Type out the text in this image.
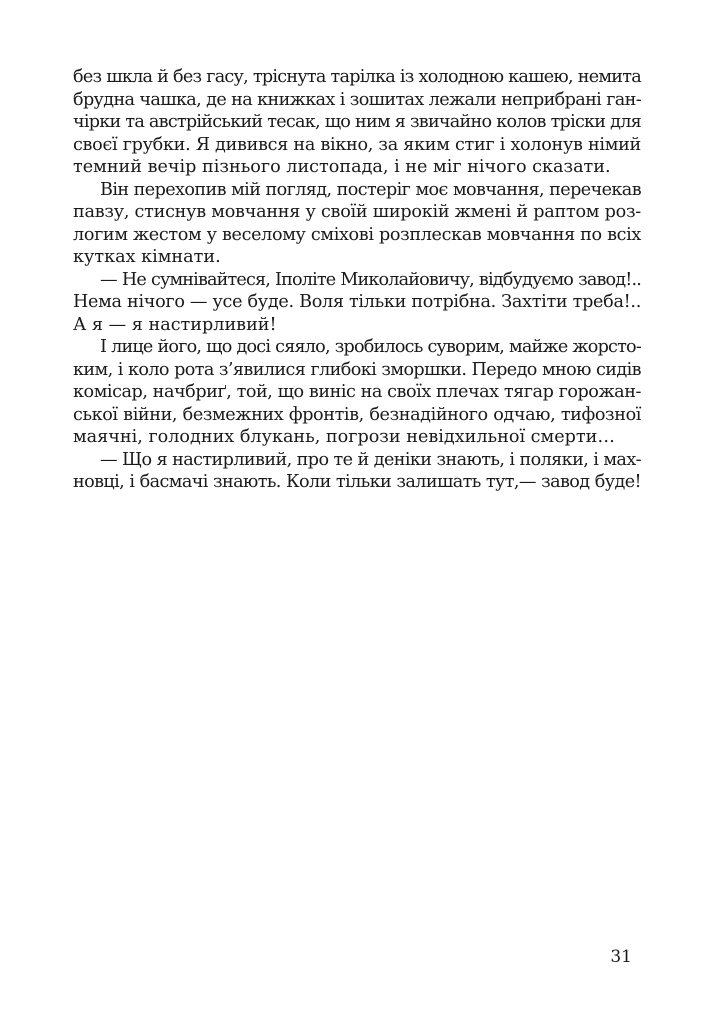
без шкла й без гасу, тріснута тарілка із холодною кашею, немита
брудна чашка, де на книжках і зошитах лежали неприбрані ган-
чірки та австрійський тесак, що ним я звичайно колов тріски для
своєї грубки. Я дивився на вікно, за яким стиг і холонув німий
темний вечір пізнього листопада, і не міг нічого сказати.
Він перехопив мій погляд, постеріг моє мовчання, перечекав
павзу, стиснув мовчання у своїй широкій жмені й раптом роз-
логим жестом у веселому сміхові розплескав мовчання по всіх
кутках кімнати.
— Не сумнівайтеся, Іполіте Миколайовичу, відбудуємо завод!..
Нема нічого — усе буде. Воля тільки потрібна. Захтіти треба!..
А я — я настирливий!
І лице його, що досі сяяло, зробилось суворим, майже жорсто-
ким, і коло рота з’явилися глибокі зморшки. Передо мною сидів
комісар, начбриґ, той, що виніс на своїх плечах тягар горожан-
ської війни, безмежних фронтів, безнадійного одчаю, тифозної
маячні, голодних блукань, погрози невідхильної смерти…
— Що я настирливий, про те й деніки знають, і поляки, і мах-
новці, і басмачі знають. Коли тільки залишать тут,— завод буде!
31
